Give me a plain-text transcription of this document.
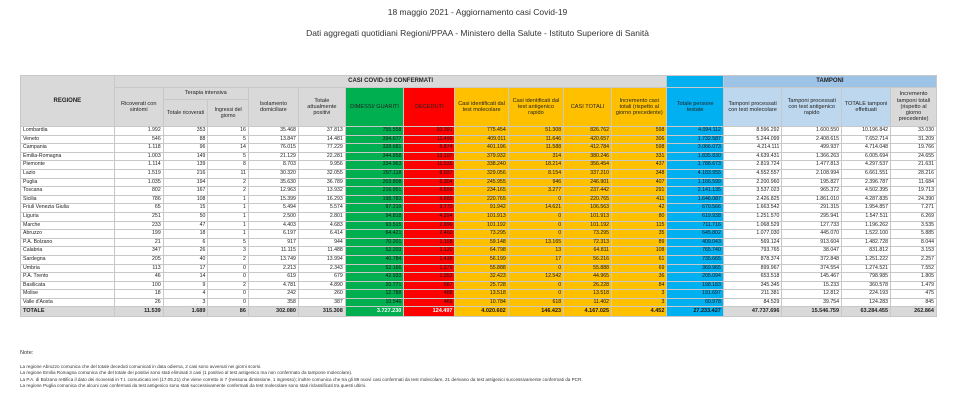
18 maggio 2021 - Aggiornamento casi Covid-19
Dati aggregati quotidiani Regioni/PPAA - Ministero della Salute - Istituto Superiore di Sanità
REGIONE	CASI COVID-19 CONFERMATI												TAMPONI			
	Ricoverati con sintomi	Terapia intensiva		Isolamento domiciliare	Totale attualmente positivi	DIMESSI/ GUARITI	DECEDUTI	Casi identificati dal test molecolare	Casi identificati dal test antigenico rapido	CASI TOTALI	Incremento casi totali (rispetto al giorno precedente)	Totale persone testate	Tamponi processati con test molecolare	Tamponi processati con test antigenico rapido	TOTALE tamponi effettuati	Incremento tamponi totali (rispetto al giorno precedente)
		Totale ricoverati	Ingressi del giorno													
Lombardia	1.992	353	16	35.468	37.813	755.558	33.391	775.454	51.308	826.762	598	4.094.112	8.596.292	1.600.550	10.196.842	33.030
Veneto	546	88	5	13.847	14.481	394.677	11.499	409.011	11.646	420.657	306	1.732.587	5.244.099	2.408.615	7.652.714	31.209
Campania	1.118	96	14	76.015	77.229	328.681	6.874	401.196	11.588	412.784	598	3.066.073	4.214.111	499.937	4.714.048	19.766
Emilia-Romagna	1.003	149	5	21.129	22.281	344.858	13.107	379.932	314	380.246	331	1.835.830	4.639.431	1.366.263	6.005.694	24.655
Piemonte	1.114	139	8	8.703	9.956	334.963	11.535	338.240	18.214	356.454	437	1.788.673	2.819.724	1.477.813	4.297.537	21.631
Lazio	1.519	216	11	30.320	32.055	297.118	8.037	329.056	8.154	337.210	348	4.183.955	4.552.557	2.108.994	6.661.551	28.216
Puglia	1.035	194	2	35.630	36.789	203.808	6.304	245.955	946	246.901	407	1.166.599	2.200.960	195.827	2.396.787	11.684
Toscana	802	167	2	12.963	13.932	216.951	6.559	234.165	3.277	237.442	291	2.141.135	3.537.023	965.372	4.502.395	19.713
Sicilia	786	108	1	15.399	16.293	198.783	5.689	220.765	0	220.765	411	1.646.087	2.426.825	1.861.010	4.287.835	24.390
Friuli Venezia Giulia	65	15	1	5.494	5.574	97.219	3.770	91.942	14.621	106.563	42	670.566	1.663.542	291.315	1.954.857	7.271
Liguria	251	50	1	2.500	2.801	94.818	4.294	101.913	0	101.913	80	619.938	1.251.570	295.941	1.547.511	6.269
Marche	233	47	1	4.403	4.683	93.515	2.996	101.192	0	101.192	115	711.716	1.068.529	127.733	1.196.262	3.535
Abruzzo	199	18	1	6.197	6.414	64.421	2.460	73.295	0	73.295	35	645.802	1.077.030	445.070	1.522.100	5.885
P.A. Bolzano	21	6	5	917	944	70.201	1.168	59.148	13.165	72.313	89	409.043	569.124	913.604	1.482.728	8.044
Calabria	347	26	3	11.115	11.488	52.203	1.120	64.798	13	64.811	108	765.740	793.765	38.047	831.812	3.153
Sardegna	205	40	2	13.749	13.994	40.784	1.438	56.199	17	56.216	61	735.665	878.374	372.848	1.251.222	2.257
Umbria	113	17	0	2.213	2.343	52.166	1.379	55.888	0	55.888	69	369.965	899.967	374.554	1.274.521	7.552
P.A. Trento	46	14	0	619	679	42.933	1.353	32.423	12.542	44.965	36	205.094	653.518	145.467	798.985	1.805
Basilicata	100	9	2	4.781	4.890	20.771	567	25.728	0	26.228	84	198.183	345.345	15.233	360.578	1.479
Molise	18	4	0	242	260	12.788	488	13.518	0	13.518	3	191.697	211.381	12.812	224.193	475
Valle d'Aosta	26	3	0	358	387	10.546	469	10.784	618	11.402	3	60.978	84.529	39.754	124.283	845
TOTALE	11.539	1.689	86	302.080	315.308	3.727.230	124.497	4.020.602	146.423	4.167.025	4.452	27.233.427	47.737.696	15.546.759	63.284.455	262.864
Note:
La regione Abruzzo comunica che del totale deceduti comunicati in data odierna, 2 casi sono avvenuti nei giorni scorsi.
La regione Emilia Romagna comunica che del totale dei positivi sono stati eliminati 3 casi (1 positivo al test antigenico ma non confermato da tampone molecolare).
La P.A. di Bolzano rettifica il dato dei ricoverati in T.I. comunicato ieri (17.05.21) che viene corretto in 7 (nessuna dimissione, 1 ingresso); inoltre comunica che tra gli 89 nuovi casi confermati da test molecolare, 21 derivano da test antigenici successivamente confermati da PCR.
La regione Puglia comunica che alcuni casi confermati da test antigenico sono stati successivamente confermati da test molecolare sono stati riclassificati tra questi ultimi.
